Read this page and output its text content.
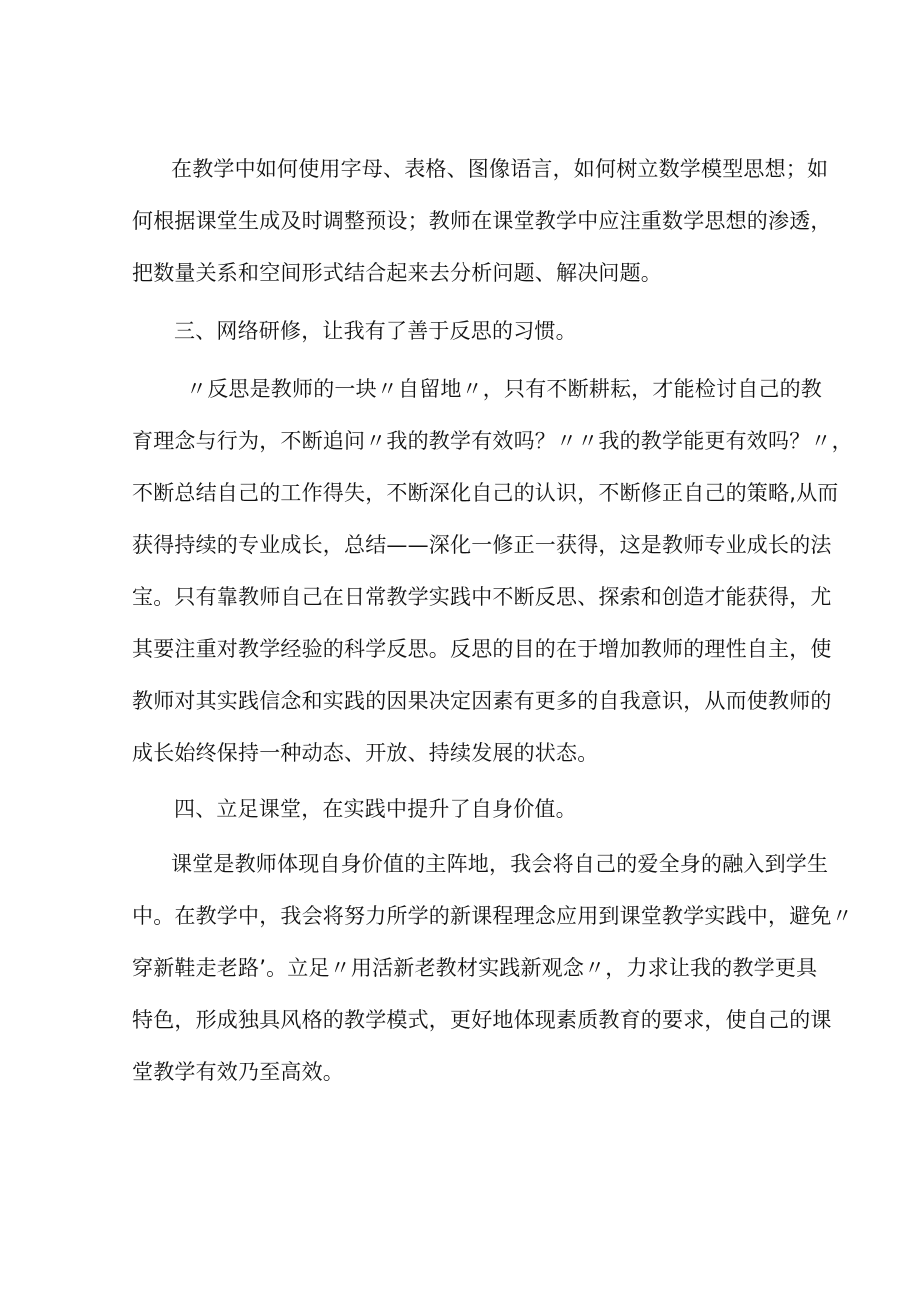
在教学中如何使用字母、表格、图像语言，如何树立数学模型思想；如
何根据课堂生成及时调整预设；教师在课堂教学中应注重数学思想的渗透，
把数量关系和空间形式结合起来去分析问题、解决问题。
三、网络研修，让我有了善于反思的习惯。
〃反思是教师的一块〃自留地〃，只有不断耕耘，才能检讨自己的教
育理念与行为，不断追问〃我的教学有效吗？〃〃我的教学能更有效吗？〃，
不断总结自己的工作得失，不断深化自己的认识，不断修正自己的策略,从而
获得持续的专业成长，总结——深化一修正一获得，这是教师专业成长的法
宝。只有靠教师自己在日常教学实践中不断反思、探索和创造才能获得，尤
其要注重对教学经验的科学反思。反思的目的在于增加教师的理性自主，使
教师对其实践信念和实践的因果决定因素有更多的自我意识，从而使教师的
成长始终保持一种动态、开放、持续发展的状态。
四、立足课堂，在实践中提升了自身价值。
课堂是教师体现自身价值的主阵地，我会将自己的爱全身的融入到学生
中。在教学中，我会将努力所学的新课程理念应用到课堂教学实践中，避免〃
穿新鞋走老路’。立足〃用活新老教材实践新观念〃，力求让我的教学更具
特色，形成独具风格的教学模式，更好地体现素质教育的要求，使自己的课
堂教学有效乃至高效。
